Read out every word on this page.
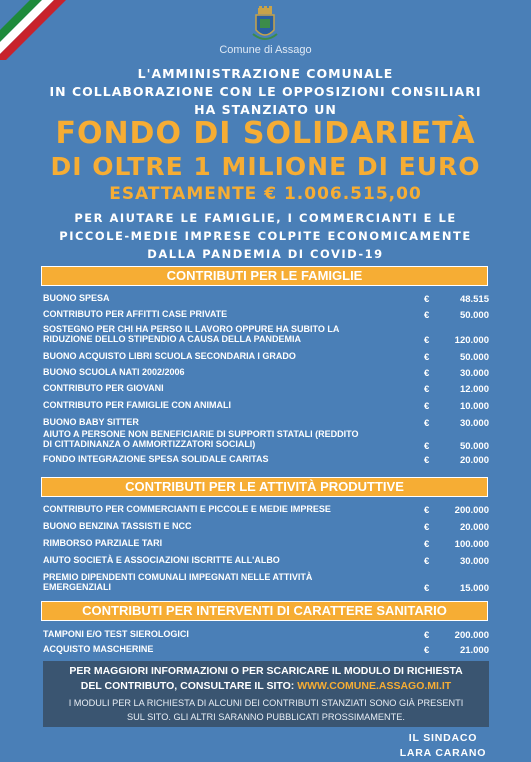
Comune di Assago
L'AMMINISTRAZIONE COMUNALE
IN COLLABORAZIONE CON LE OPPOSIZIONI CONSILIARI
HA STANZIATO UN
FONDO DI SOLIDARIETÀ
DI OLTRE 1 MILIONE DI EURO
ESATTAMENTE € 1.006.515,00
PER AIUTARE LE FAMIGLIE, I COMMERCIANTI E LE
PICCOLE-MEDIE IMPRESE COLPITE ECONOMICAMENTE
DALLA PANDEMIA DI COVID-19
CONTRIBUTI PER LE FAMIGLIE
BUONO SPESA	€	48.515
CONTRIBUTO PER AFFITTI CASE PRIVATE	€	50.000
SOSTEGNO PER CHI HA PERSO IL LAVORO OPPURE HA SUBITO LA
RIDUZIONE DELLO STIPENDIO A CAUSA DELLA PANDEMIA	€	120.000
BUONO ACQUISTO LIBRI SCUOLA SECONDARIA I GRADO	€	50.000
BUONO SCUOLA NATI 2002/2006	€	30.000
CONTRIBUTO PER GIOVANI	€	12.000
CONTRIBUTO PER FAMIGLIE CON ANIMALI	€	10.000
BUONO BABY SITTER	€	30.000
AIUTO A PERSONE NON BENEFICIARIE DI SUPPORTI STATALI (REDDITO
DI CITTADINANZA O AMMORTIZZATORI SOCIALI)	€	50.000
FONDO INTEGRAZIONE SPESA SOLIDALE CARITAS	€	20.000
CONTRIBUTI PER LE ATTIVITÀ PRODUTTIVE
CONTRIBUTO PER COMMERCIANTI E PICCOLE E MEDIE IMPRESE	€	200.000
BUONO BENZINA TASSISTI E NCC	€	20.000
RIMBORSO PARZIALE TARI	€	100.000
AIUTO SOCIETÀ E ASSOCIAZIONI ISCRITTE ALL'ALBO	€	30.000
PREMIO DIPENDENTI COMUNALI IMPEGNATI NELLE ATTIVITÀ
EMERGENZIALI	€	15.000
CONTRIBUTI PER INTERVENTI DI CARATTERE SANITARIO
TAMPONI E/O TEST SIEROLOGICI	€	200.000
ACQUISTO MASCHERINE	€	21.000
PER MAGGIORI INFORMAZIONI O PER SCARICARE IL MODULO DI RICHIESTA
DEL CONTRIBUTO, CONSULTARE IL SITO: WWW.COMUNE.ASSAGO.MI.IT
I MODULI PER LA RICHIESTA DI ALCUNI DEI CONTRIBUTI STANZIATI SONO GIÀ PRESENTI
SUL SITO. GLI ALTRI SARANNO PUBBLICATI PROSSIMAMENTE.
IL SINDACO
LARA CARANO
